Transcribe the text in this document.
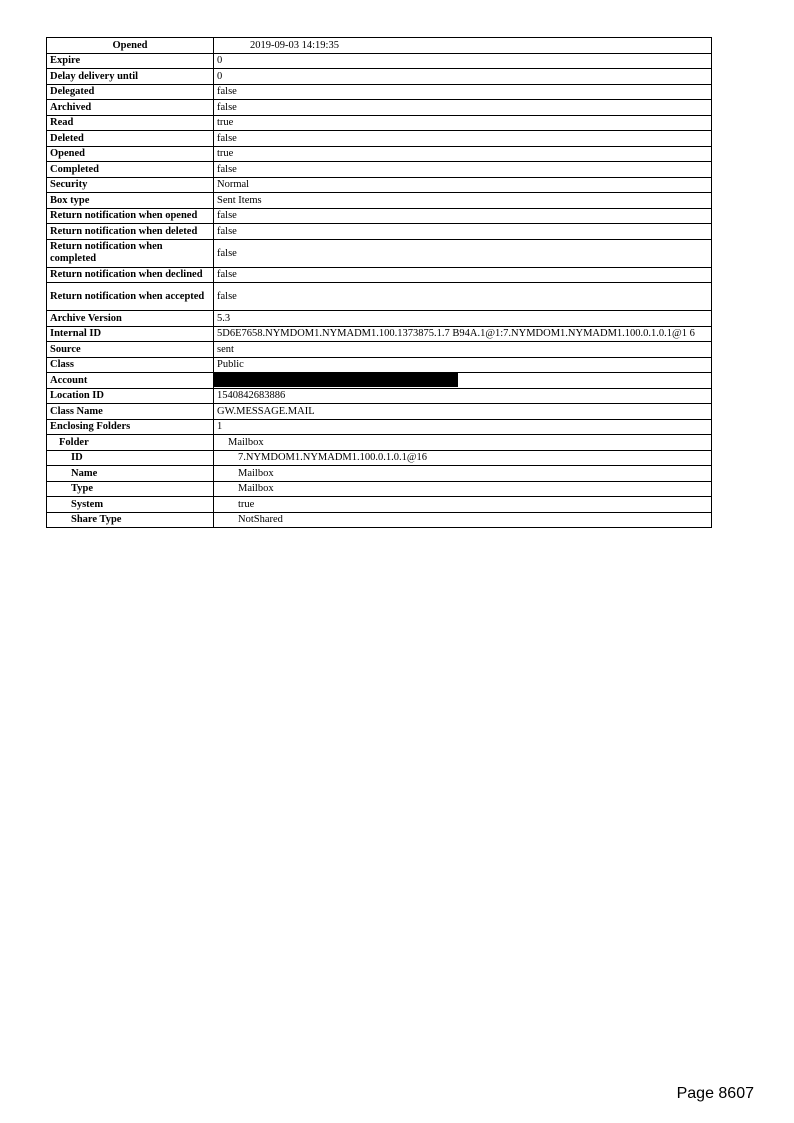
Opened	2019-09-03 14:19:35
Expire	0
Delay delivery until	0
Delegated	false
Archived	false
Read	true
Deleted	false
Opened	true
Completed	false
Security	Normal
Box type	Sent Items
Return notification when opened	false
Return notification when deleted	false
Return notification when completed	false
Return notification when declined	false
Return notification when accepted	false
Archive Version	5.3
Internal ID	5D6E7658.NYMDOM1.NYMADM1.100.1373875.1.7 B94A.1@1:7.NYMDOM1.NYMADM1.100.0.1.0.1@1 6
Source	sent
Class	Public
Account	
Location ID	1540842683886
Class Name	GW.MESSAGE.MAIL
Enclosing Folders	1
Folder	Mailbox
ID	7.NYMDOM1.NYMADM1.100.0.1.0.1@16
Name	Mailbox
Type	Mailbox
System	true
Share Type	NotShared
Page 8607
